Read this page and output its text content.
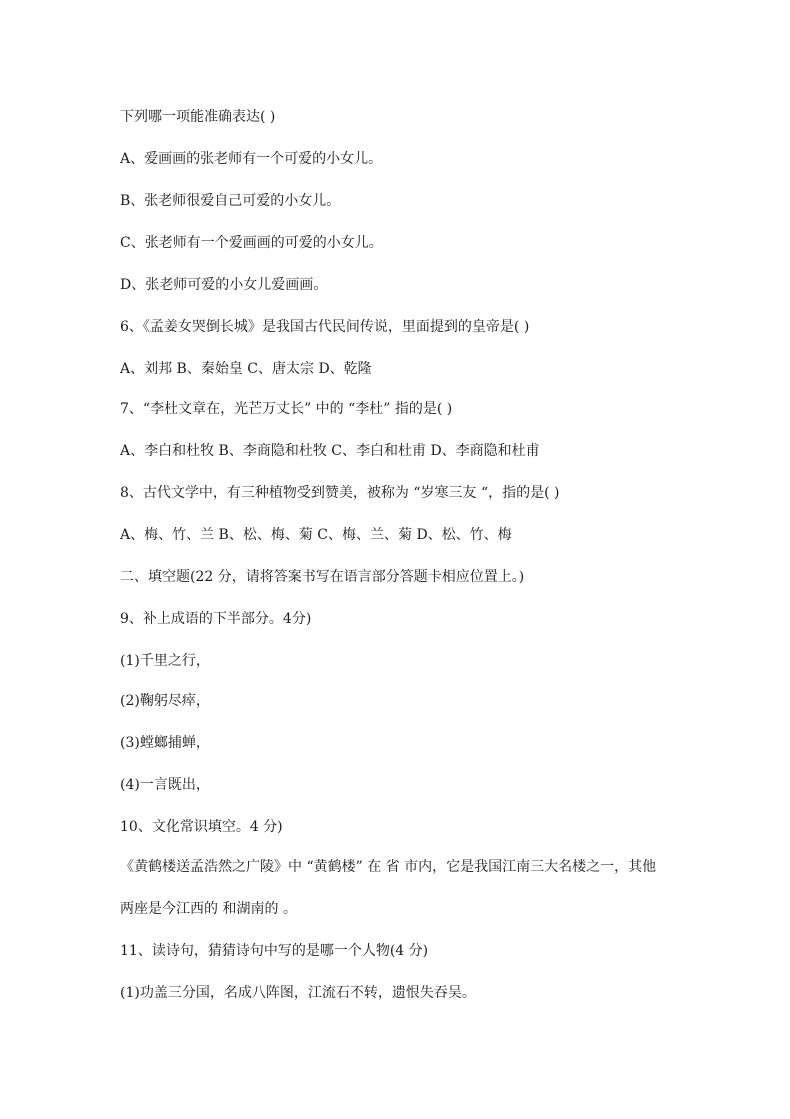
下列哪一项能准确表达( )
A、爱画画的张老师有一个可爱的小女儿。
B、张老师很爱自己可爱的小女儿。
C、张老师有一个爱画画的可爱的小女儿。
D、张老师可爱的小女儿爱画画。
6、《孟姜女哭倒长城》是我国古代民间传说，里面提到的皇帝是( )
A、刘邦 B、秦始皇 C、唐太宗 D、乾隆
7、“李杜文章在，光芒万丈长” 中的 “李杜” 指的是( )
A、李白和杜牧 B、李商隐和杜牧 C、李白和杜甫 D、李商隐和杜甫
8、古代文学中，有三种植物受到赞美，被称为 “岁寒三友 “，指的是( )
A、梅、竹、兰 B、松、梅、菊 C、梅、兰、菊 D、松、竹、梅
二、填空题(22 分，请将答案书写在语言部分答题卡相应位置上。)
9、补上成语的下半部分。4分)
(1)千里之行，
(2)鞠躬尽瘁，
(3)螳螂捕蝉，
(4)一言既出，
10、文化常识填空。4 分)
《黄鹤楼送孟浩然之广陵》中 “黄鹤楼” 在 省 市内，它是我国江南三大名楼之一，其他
两座是今江西的 和湖南的 。
11、读诗句，猜猜诗句中写的是哪一个人物(4 分)
(1)功盖三分国，名成八阵图，江流石不转，遗恨失吞吴。
